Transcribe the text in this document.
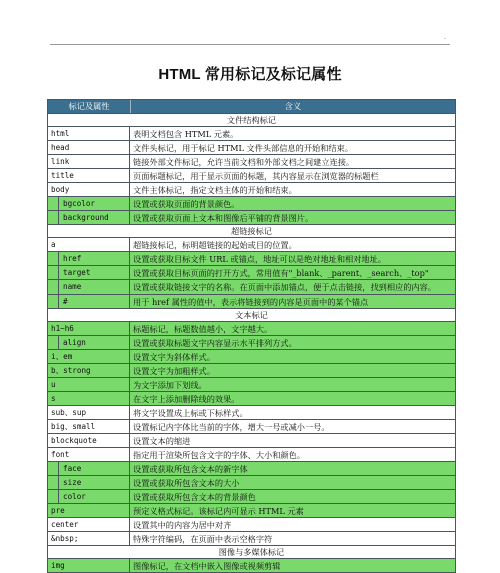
·
HTML 常用标记及标记属性
标记及属性	含义
文件结构标记
html	表明文档包含 HTML 元素。
head	文件头标记，用于标记 HTML 文件头部信息的开始和结束。
link	链接外部文件标记，允许当前文档和外部文档之间建立连接。
title	页面标题标记，用于显示页面的标题，其内容显示在浏览器的标题栏
body	文件主体标记，指定文档主体的开始和结束。
bgcolor	设置或获取页面的背景颜色。
background	设置或获取页面上文本和图像后平铺的背景图片。
超链接标记
a	超链接标记，标明超链接的起始或目的位置。
href	设置或获取目标文件 URL 或锚点，地址可以是绝对地址和相对地址。
target	设置或获取目标页面的打开方式，常用值有"_blank、_parent、_search、_top"
name	设置或获取链接文字的名称。在页面中添加锚点，便于点击链接，找到相应的内容。
#	用于 href 属性的值中，表示将链接到的内容是页面中的某个锚点
文本标记
h1~h6	标题标记，标题数值越小，文字越大。
align	设置或获取标题文字内容显示水平排列方式。
i、em	设置文字为斜体样式。
b、strong	设置文字为加粗样式。
u	为文字添加下划线。
s	在文字上添加删除线的效果。
sub、sup	将文字设置成上标或下标样式。
big、small	设置标记内字体比当前的字体，增大一号或减小一号。
blockquote	设置文本的缩进
font	指定用于渲染所包含文字的字体、大小和颜色。
face	设置或获取所包含文本的新字体
size	设置或获取所包含文本的大小
color	设置或获取所包含文本的背景颜色
pre	预定义格式标记。该标记内可显示 HTML 元素
center	设置其中的内容为居中对齐
&nbsp;	特殊字符编码，在页面中表示空格字符
图像与多媒体标记
img	图像标记，在文档中嵌入图像或视频剪辑
